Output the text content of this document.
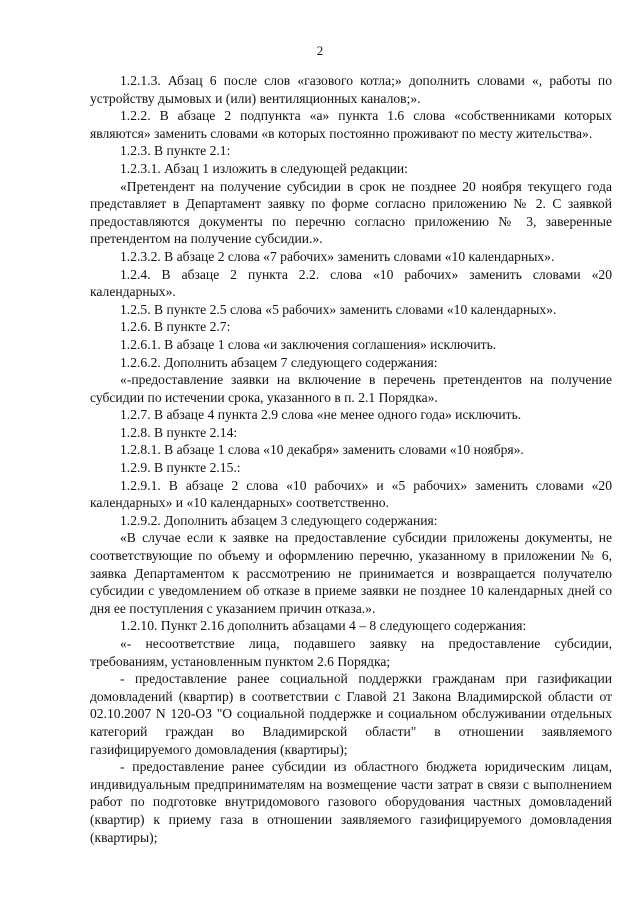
2

1.2.1.3. Абзац 6 после слов «газового котла;» дополнить словами «, работы по устройству дымовых и (или) вентиляционных каналов;».

1.2.2. В абзаце 2 подпункта «а» пункта 1.6 слова «собственниками которых являются» заменить словами «в которых постоянно проживают по месту жительства».

1.2.3. В пункте 2.1:

1.2.3.1. Абзац 1 изложить в следующей редакции:

«Претендент на получение субсидии в срок не позднее 20 ноября текущего года представляет в Департамент заявку по форме согласно приложению № 2. С заявкой предоставляются документы по перечню согласно приложению № 3, заверенные претендентом на получение субсидии.».

1.2.3.2. В абзаце 2 слова «7 рабочих» заменить словами «10 календарных».

1.2.4. В абзаце 2 пункта 2.2. слова «10 рабочих» заменить словами «20 календарных».

1.2.5. В пункте 2.5 слова «5 рабочих» заменить словами «10 календарных».

1.2.6. В пункте 2.7:

1.2.6.1. В абзаце 1 слова «и заключения соглашения» исключить.

1.2.6.2. Дополнить абзацем 7 следующего содержания:

«-предоставление заявки на включение в перечень претендентов на получение субсидии по истечении срока, указанного в п. 2.1 Порядка».

1.2.7. В абзаце 4 пункта 2.9 слова «не менее одного года» исключить.

1.2.8. В пункте 2.14:

1.2.8.1. В абзаце 1 слова «10 декабря» заменить словами «10 ноября».

1.2.9. В пункте 2.15.:

1.2.9.1. В абзаце 2 слова «10 рабочих» и «5 рабочих» заменить словами «20 календарных» и «10 календарных» соответственно.

1.2.9.2. Дополнить абзацем 3 следующего содержания:

«В случае если к заявке на предоставление субсидии приложены документы, не соответствующие по объему и оформлению перечню, указанному в приложении № 6, заявка Департаментом к рассмотрению не принимается и возвращается получателю субсидии с уведомлением об отказе в приеме заявки не позднее 10 календарных дней со дня ее поступления с указанием причин отказа.».

1.2.10. Пункт 2.16 дополнить абзацами 4 – 8 следующего содержания:

«- несоответствие лица, подавшего заявку на предоставление субсидии, требованиям, установленным пунктом 2.6 Порядка;

- предоставление ранее социальной поддержки гражданам при газификации домовладений (квартир) в соответствии с Главой 21 Закона Владимирской области от 02.10.2007 N 120-ОЗ "О социальной поддержке и социальном обслуживании отдельных категорий граждан во Владимирской области" в отношении заявляемого газифицируемого домовладения (квартиры);

- предоставление ранее субсидии из областного бюджета юридическим лицам, индивидуальным предпринимателям на возмещение части затрат в связи с выполнением работ по подготовке внутридомового газового оборудования частных домовладений (квартир) к приему газа в отношении заявляемого газифицируемого домовладения (квартиры);
